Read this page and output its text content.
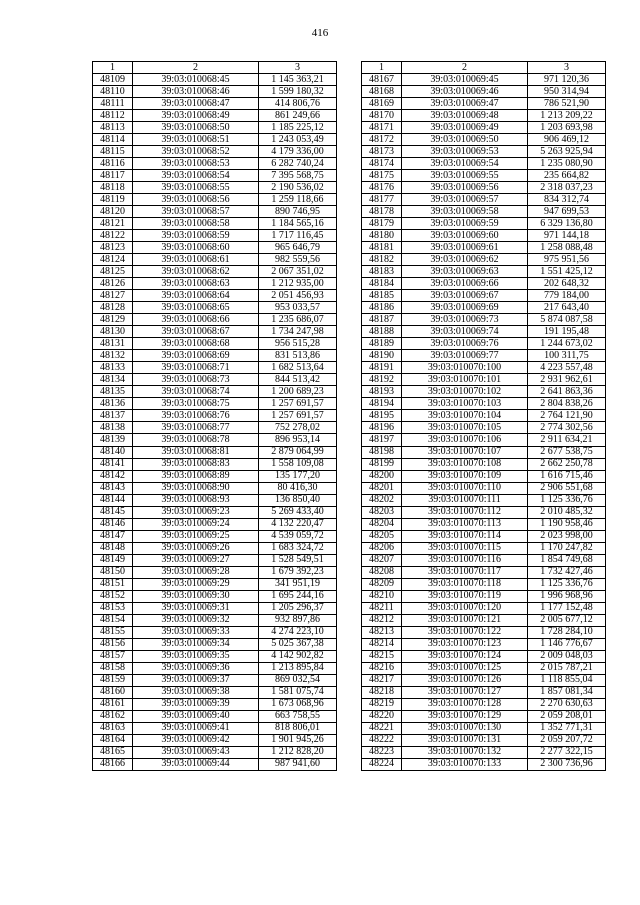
416
1	2	3
48109	39:03:010068:45	1 145 363,21
48110	39:03:010068:46	1 599 180,32
48111	39:03:010068:47	414 806,76
48112	39:03:010068:49	861 249,66
48113	39:03:010068:50	1 185 225,12
48114	39:03:010068:51	1 243 053,49
48115	39:03:010068:52	4 179 336,00
48116	39:03:010068:53	6 282 740,24
48117	39:03:010068:54	7 395 568,75
48118	39:03:010068:55	2 190 536,02
48119	39:03:010068:56	1 259 118,66
48120	39:03:010068:57	890 746,95
48121	39:03:010068:58	1 184 565,16
48122	39:03:010068:59	1 717 116,45
48123	39:03:010068:60	965 646,79
48124	39:03:010068:61	982 559,56
48125	39:03:010068:62	2 067 351,02
48126	39:03:010068:63	1 212 935,00
48127	39:03:010068:64	2 051 456,93
48128	39:03:010068:65	953 033,57
48129	39:03:010068:66	1 235 686,07
48130	39:03:010068:67	1 734 247,98
48131	39:03:010068:68	956 515,28
48132	39:03:010068:69	831 513,86
48133	39:03:010068:71	1 682 513,64
48134	39:03:010068:73	844 513,42
48135	39:03:010068:74	1 200 689,23
48136	39:03:010068:75	1 257 691,57
48137	39:03:010068:76	1 257 691,57
48138	39:03:010068:77	752 278,02
48139	39:03:010068:78	896 953,14
48140	39:03:010068:81	2 879 064,99
48141	39:03:010068:83	1 558 109,08
48142	39:03:010068:89	135 177,20
48143	39:03:010068:90	80 416,30
48144	39:03:010068:93	136 850,40
48145	39:03:010069:23	5 269 433,40
48146	39:03:010069:24	4 132 220,47
48147	39:03:010069:25	4 539 059,72
48148	39:03:010069:26	1 683 324,72
48149	39:03:010069:27	1 528 549,51
48150	39:03:010069:28	1 679 392,23
48151	39:03:010069:29	341 951,19
48152	39:03:010069:30	1 695 244,16
48153	39:03:010069:31	1 205 296,37
48154	39:03:010069:32	932 897,86
48155	39:03:010069:33	4 274 223,10
48156	39:03:010069:34	5 025 367,38
48157	39:03:010069:35	4 142 902,82
48158	39:03:010069:36	1 213 895,84
48159	39:03:010069:37	869 032,54
48160	39:03:010069:38	1 581 075,74
48161	39:03:010069:39	1 673 068,96
48162	39:03:010069:40	663 758,55
48163	39:03:010069:41	818 806,01
48164	39:03:010069:42	1 901 945,26
48165	39:03:010069:43	1 212 828,20
48166	39:03:010069:44	987 941,60
1	2	3
48167	39:03:010069:45	971 120,36
48168	39:03:010069:46	950 314,94
48169	39:03:010069:47	786 521,90
48170	39:03:010069:48	1 213 209,22
48171	39:03:010069:49	1 203 693,98
48172	39:03:010069:50	906 469,12
48173	39:03:010069:53	5 263 925,94
48174	39:03:010069:54	1 235 080,90
48175	39:03:010069:55	235 664,82
48176	39:03:010069:56	2 318 037,23
48177	39:03:010069:57	834 312,74
48178	39:03:010069:58	947 699,53
48179	39:03:010069:59	6 329 136,80
48180	39:03:010069:60	971 144,18
48181	39:03:010069:61	1 258 088,48
48182	39:03:010069:62	975 951,56
48183	39:03:010069:63	1 551 425,12
48184	39:03:010069:66	202 648,32
48185	39:03:010069:67	779 184,00
48186	39:03:010069:69	217 643,40
48187	39:03:010069:73	5 874 087,58
48188	39:03:010069:74	191 195,48
48189	39:03:010069:76	1 244 673,02
48190	39:03:010069:77	100 311,75
48191	39:03:010070:100	4 223 557,48
48192	39:03:010070:101	2 931 962,61
48193	39:03:010070:102	2 641 863,36
48194	39:03:010070:103	2 804 838,26
48195	39:03:010070:104	2 764 121,90
48196	39:03:010070:105	2 774 302,56
48197	39:03:010070:106	2 911 634,21
48198	39:03:010070:107	2 677 538,75
48199	39:03:010070:108	2 662 250,78
48200	39:03:010070:109	1 616 715,46
48201	39:03:010070:110	2 906 551,68
48202	39:03:010070:111	1 125 336,76
48203	39:03:010070:112	2 010 485,32
48204	39:03:010070:113	1 190 958,46
48205	39:03:010070:114	2 023 998,00
48206	39:03:010070:115	1 170 247,82
48207	39:03:010070:116	1 854 749,68
48208	39:03:010070:117	1 732 427,46
48209	39:03:010070:118	1 125 336,76
48210	39:03:010070:119	1 996 968,96
48211	39:03:010070:120	1 177 152,48
48212	39:03:010070:121	2 005 677,12
48213	39:03:010070:122	1 728 284,10
48214	39:03:010070:123	1 146 776,67
48215	39:03:010070:124	2 009 048,03
48216	39:03:010070:125	2 015 787,21
48217	39:03:010070:126	1 118 855,04
48218	39:03:010070:127	1 857 081,34
48219	39:03:010070:128	2 270 630,63
48220	39:03:010070:129	2 059 208,01
48221	39:03:010070:130	1 352 771,31
48222	39:03:010070:131	2 059 207,72
48223	39:03:010070:132	2 277 322,15
48224	39:03:010070:133	2 300 736,96
